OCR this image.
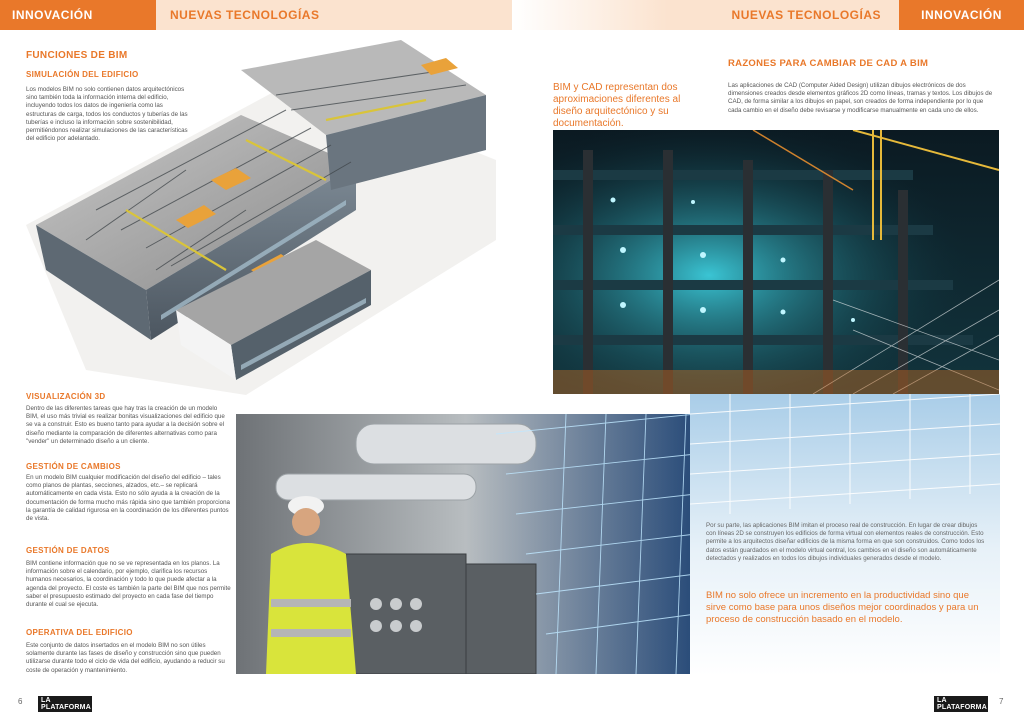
INNOVACIÓN	NUEVAS TECNOLOGÍAS	NUEVAS TECNOLOGÍAS	INNOVACIÓN
FUNCIONES DE BIM
SIMULACIÓN DEL EDIFICIO
Los modelos BIM no solo contienen datos arquitectónicos sino también toda la información interna del edificio, incluyendo todos los datos de ingeniería como las estructuras de carga, todos los conductos y tuberías de las tuberías e incluso la información sobre sostenibilidad, permitiéndonos realizar simulaciones de las características del edificio por adelantado.
VISUALIZACIÓN 3D
Dentro de las diferentes tareas que hay tras la creación de un modelo BIM, el uso más trivial es realizar bonitas visualizaciones del edificio que se va a construir. Esto es bueno tanto para ayudar a la decisión sobre el diseño mediante la comparación de diferentes alternativas como para "vender" un determinado diseño a un cliente.
GESTIÓN DE CAMBIOS
En un modelo BIM cualquier modificación del diseño del edificio – tales como planos de plantas, secciones, alzados, etc.– se replicará automáticamente en cada vista. Esto no sólo ayuda a la creación de la documentación de forma mucho más rápida sino que también proporciona la garantía de calidad rigurosa en la coordinación de los diferentes puntos de vista.
GESTIÓN DE DATOS
BIM contiene información que no se ve representada en los planos. La información sobre el calendario, por ejemplo, clarifica los recursos humanos necesarios, la coordinación y todo lo que puede afectar a la agenda del proyecto. El coste es también la parte del BIM que nos permite saber el presupuesto estimado del proyecto en cada fase del tiempo durante el cual se ejecuta.
OPERATIVA DEL EDIFICIO
Este conjunto de datos insertados en el modelo BIM no son útiles solamente durante las fases de diseño y construcción sino que pueden utilizarse durante todo el ciclo de vida del edificio, ayudando a reducir su coste de operación y mantenimiento.
BIM y CAD representan dos aproximaciones diferentes al diseño arquitectónico y su documentación.
RAZONES PARA CAMBIAR DE CAD A BIM
Las aplicaciones de CAD (Computer Aided Design) utilizan dibujos electrónicos de dos dimensiones creados desde elementos gráficos 2D como líneas, tramas y textos. Los dibujos de CAD, de forma similar a los dibujos en papel, son creados de forma independiente por lo que cada cambio en el diseño debe revisarse y modificarse manualmente en cada uno de ellos.
Por su parte, las aplicaciones BIM imitan el proceso real de construcción. En lugar de crear dibujos con líneas 2D se construyen los edificios de forma virtual con elementos reales de construcción. Esto permite a los arquitectos diseñar edificios de la misma forma en que son construidos. Como todos los datos están guardados en el modelo virtual central, los cambios en el diseño son automáticamente detectados y realizados en todos los dibujos individuales generados desde el modelo.
BIM no solo ofrece un incremento en la productividad sino que sirve como base para unos diseños mejor coordinados y para un proceso de construcción basado en el modelo.
6	LA PLATAFORMA
LA PLATAFORMA
7
